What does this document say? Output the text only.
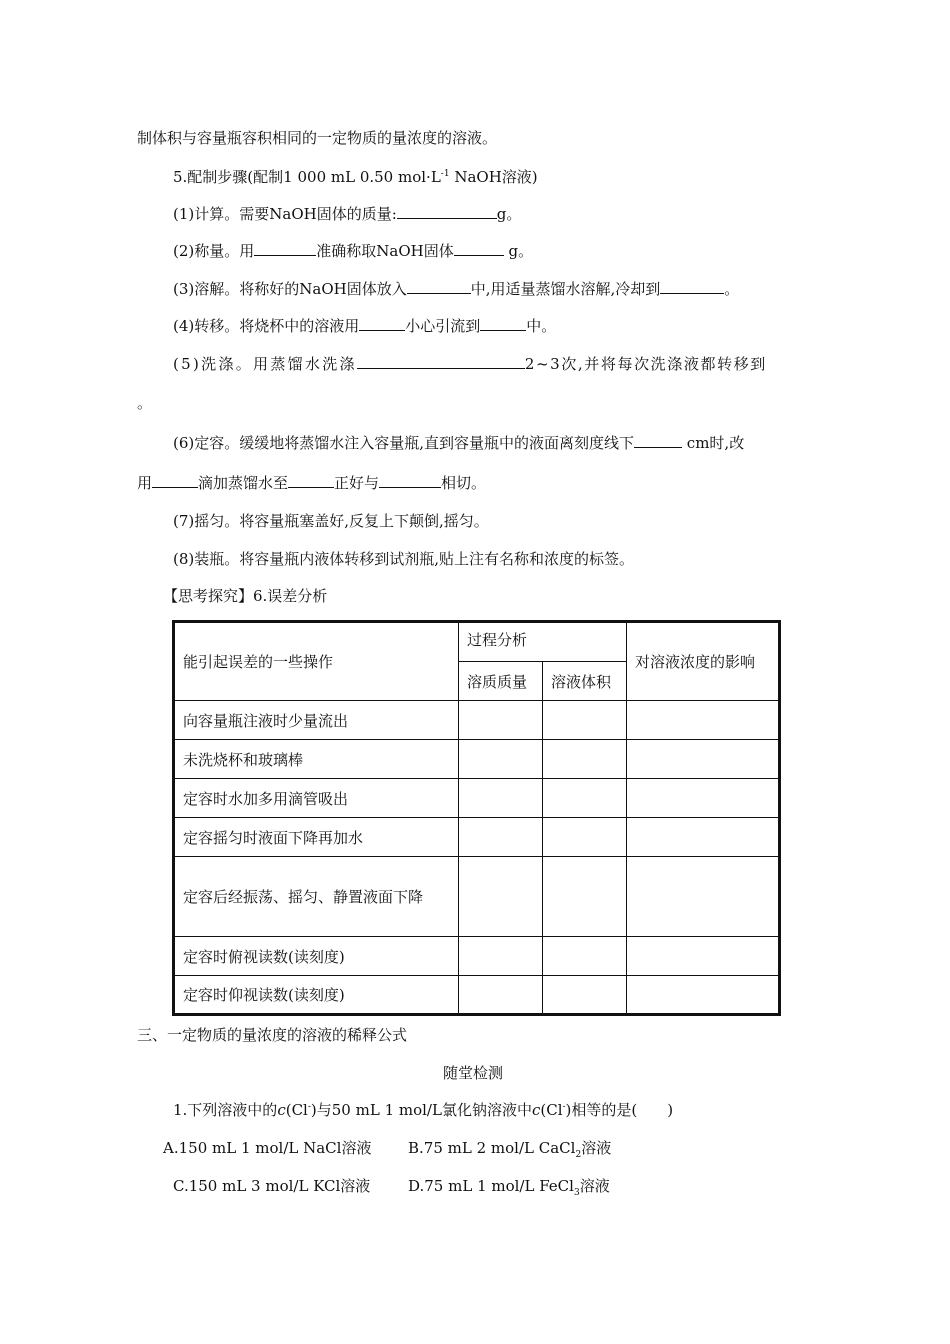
制体积与容量瓶容积相同的一定物质的量浓度的溶液。
5.配制步骤(配制1 000 mL 0.50 $mol\cdot L^{-1}$ NaOH溶液)
(1)计算。需要NaOH固体的质量:	g。
(2)称量。用	准确称取NaOH固体	g。
(3)溶解。将称好的NaOH固体放入	中,用适量蒸馏水溶解,冷却到	。
(4)转移。将烧杯中的溶液用	小心引流到	中。
(5)洗涤。用蒸馏水洗涤	2~3次,并将每次洗涤液都转移到
。
(6)定容。缓缓地将蒸馏水注入容量瓶,直到容量瓶中的液面离刻度线下	cm时,改
用	滴加蒸馏水至	正好与	相切。
(7)摇匀。将容量瓶塞盖好,反复上下颠倒,摇匀。
(8)装瓶。将容量瓶内液体转移到试剂瓶,贴上注有名称和浓度的标签。
【思考探究】6.误差分析
能引起误差的一些操作	过程分析		对溶液浓度的影响
	溶质质量	溶液体积	
向容量瓶注液时少量流出			
未洗烧杯和玻璃棒			
定容时水加多用滴管吸出			
定容摇匀时液面下降再加水			
定容后经振荡、摇匀、静置液面下降			
定容时俯视读数(读刻度)			
定容时仰视读数(读刻度)			
三、一定物质的量浓度的溶液的稀释公式
随堂检测
1.下列溶液中的c(Cl-)与50 mL 1 mol/L氯化钠溶液中c(Cl-)相等的是(　　)
A.150 mL 1 mol/L NaCl溶液 B.75 mL 2 mol/L CaCl$_2$溶液
C.150 mL 3 mol/L KCl溶液	D.75 mL 1 mol/L FeCl$_3$溶液
